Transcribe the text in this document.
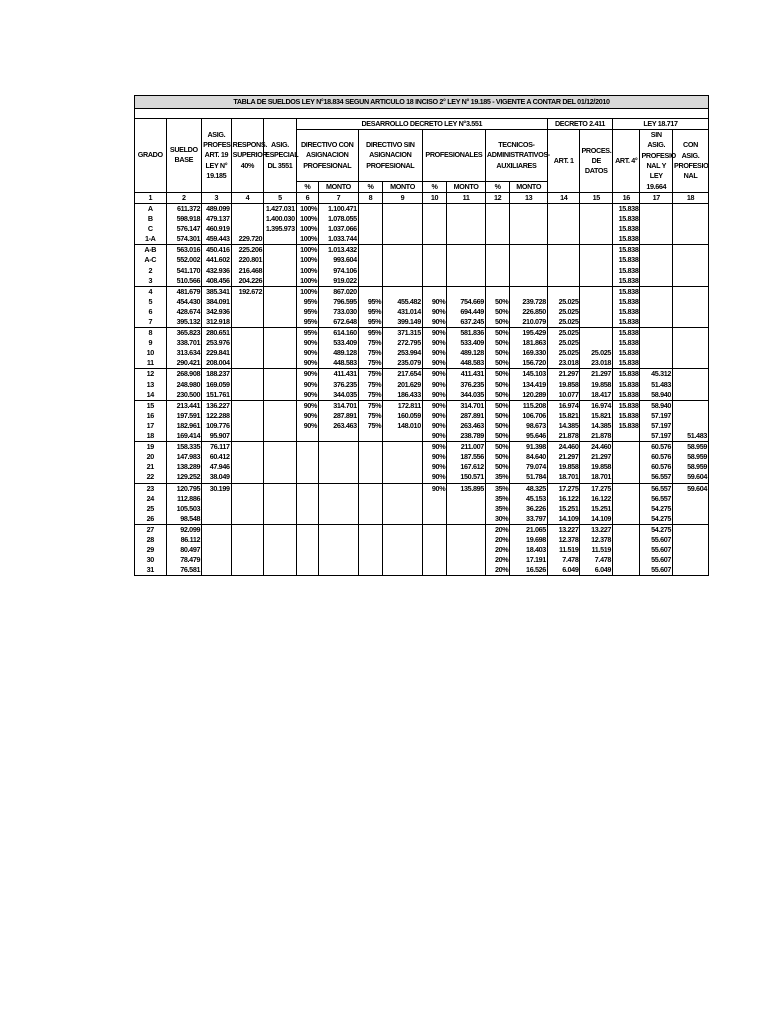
TABLA DE SUELDOS LEY N°18.834 SEGUN ARTICULO 18 INCISO 2° LEY N° 19.185 - VIGENTE A CONTAR DEL 01/12/2010																	

GRADO	SUELDO BASE	ASIG. PROFES. ART. 19 LEY N° 19.185	RESPONS. SUPERIOR 40%	ASIG. ESPECIAL DL 3551	DESARROLLO DECRETO LEY N°3.551								DECRETO 2.411		LEY 18.717		
					DIRECTIVO CON ASIGNACION PROFESIONAL		DIRECTIVO SIN ASIGNACION PROFESIONAL		PROFESIONALES		TECNICOS-ADMINISTRATIVOS-AUXILIARES		ART. 1	PROCES. DE DATOS	ART. 4°	SIN ASIG. PROFESIO NAL Y LEY 19.664	CON ASIG. PROFESIO NAL

					%	MONTO	%	MONTO	%	MONTO	%	MONTO					
1	2	3	4	5	6	7	8	9	10	11	12	13	14	15	16	17	18
A	611.372	489.099		1.427.031	100%	1.100.471									15.838		
B	598.918	479.137		1.400.030	100%	1.078.055									15.838		
C	576.147	460.919		1.395.973	100%	1.037.066									15.838		
1-A	574.301	459.443	229.720		100%	1.033.744									15.838		
A-B	563.016	450.416	225.206		100%	1.013.432									15.838		
A-C	552.002	441.602	220.801		100%	993.604									15.838		
2	541.170	432.936	216.468		100%	974.106									15.838		
3	510.566	408.456	204.226		100%	919.022									15.838		
4	481.679	385.341	192.672		100%	867.020									15.838		
5	454.430	384.091			95%	796.595	95%	455.482	90%	754.669	50%	239.728	25.025		15.838		
6	428.674	342.936			95%	733.030	95%	431.014	90%	694.449	50%	226.850	25.025		15.838		
7	395.132	312.918			95%	672.648	95%	399.149	90%	637.245	50%	210.079	25.025		15.838		
8	365.823	280.651			95%	614.160	95%	371.315	90%	581.836	50%	195.429	25.025		15.838		
9	338.701	253.976			90%	533.409	75%	272.795	90%	533.409	50%	181.863	25.025		15.838		
10	313.634	229.841			90%	489.128	75%	253.994	90%	489.128	50%	169.330	25.025	25.025	15.838		
11	290.421	208.004			90%	448.583	75%	235.079	90%	448.583	50%	156.720	23.018	23.018	15.838		
12	268.908	188.237			90%	411.431	75%	217.654	90%	411.431	50%	145.103	21.297	21.297	15.838	45.312	
13	248.980	169.059			90%	376.235	75%	201.629	90%	376.235	50%	134.419	19.858	19.858	15.838	51.483	
14	230.500	151.761			90%	344.035	75%	186.433	90%	344.035	50%	120.289	10.077	18.417	15.838	58.940	
15	213.441	136.227			90%	314.701	75%	172.811	90%	314.701	50%	115.208	16.974	16.974	15.838	58.940	
16	197.591	122.288			90%	287.891	75%	160.059	90%	287.891	50%	106.706	15.821	15.821	15.838	57.197	
17	182.961	109.776			90%	263.463	75%	148.010	90%	263.463	50%	98.673	14.385	14.385	15.838	57.197	
18	169.414	95.907							90%	238.789	50%	95.646	21.878	21.878		57.197	51.483
19	158.335	76.117							90%	211.007	50%	91.398	24.460	24.460		60.576	58.959
20	147.983	60.412							90%	187.556	50%	84.640	21.297	21.297		60.576	58.959
21	138.289	47.946							90%	167.612	50%	79.074	19.858	19.858		60.576	58.959
22	129.252	38.049							90%	150.571	35%	51.784	18.701	18.701		56.557	59.604
23	120.795	30.199							90%	135.895	35%	48.325	17.275	17.275		56.557	59.604
24	112.886										35%	45.153	16.122	16.122		56.557	
25	105.503										35%	36.226	15.251	15.251		54.275	
26	98.548										30%	33.797	14.109	14.109		54.275	
27	92.099										20%	21.065	13.227	13.227		54.275	
28	86.112										20%	19.698	12.378	12.378		55.607	
29	80.497										20%	18.403	11.519	11.519		55.607	
30	78.479										20%	17.191	7.478	7.478		55.607	
31	76.581										20%	16.526	6.049	6.049		55.607	
